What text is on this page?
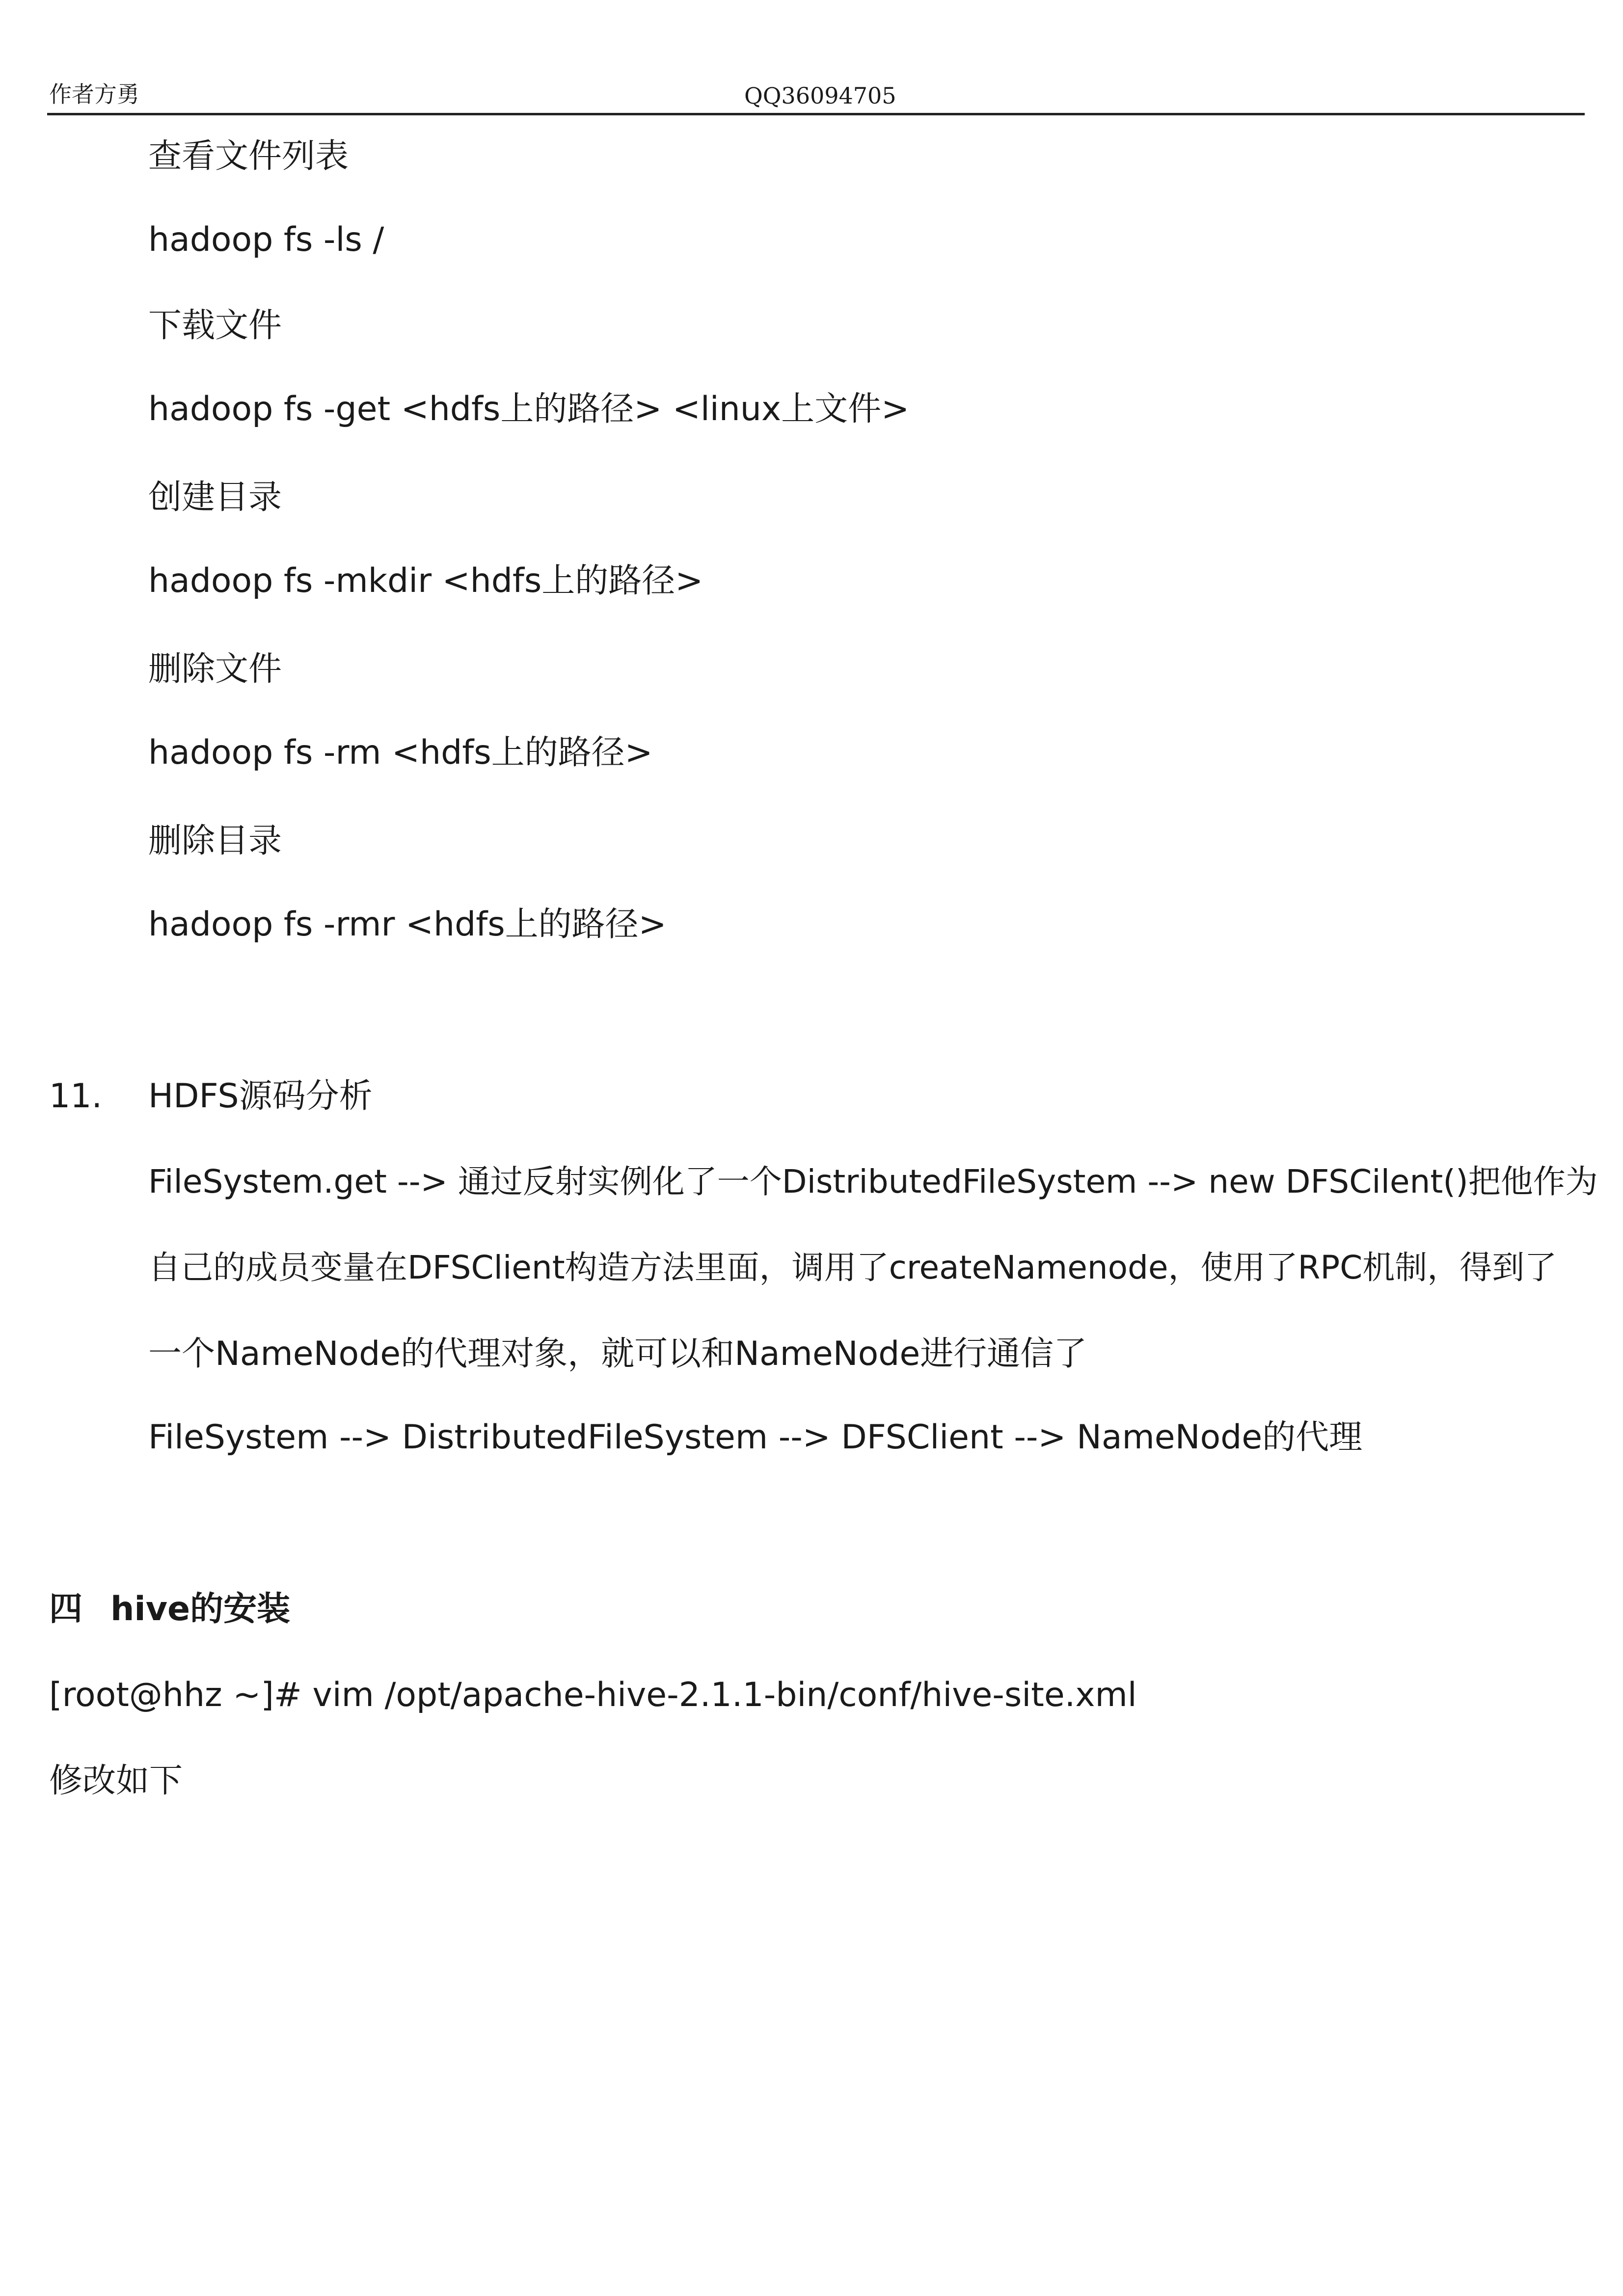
作者方勇	QQ36094705
查看文件列表
hadoop fs -ls /
下载文件
hadoop fs -get <hdfs上的路径> <linux上文件>
创建目录
hadoop fs -mkdir <hdfs上的路径>
删除文件
hadoop fs -rm <hdfs上的路径>
删除目录
hadoop fs -rmr <hdfs上的路径>
11. HDFS源码分析
FileSystem.get --> 通过反射实例化了一个DistributedFileSystem --> new DFSCilent()把他作为
自己的成员变量在DFSClient构造方法里面，调用了createNamenode，使用了RPC机制，得到了
一个NameNode的代理对象，就可以和NameNode进行通信了
FileSystem --> DistributedFileSystem --> DFSClient --> NameNode的代理
四 hive的安装
[root@hhz ~]# vim /opt/apache-hive-2.1.1-bin/conf/hive-site.xml
修改如下
